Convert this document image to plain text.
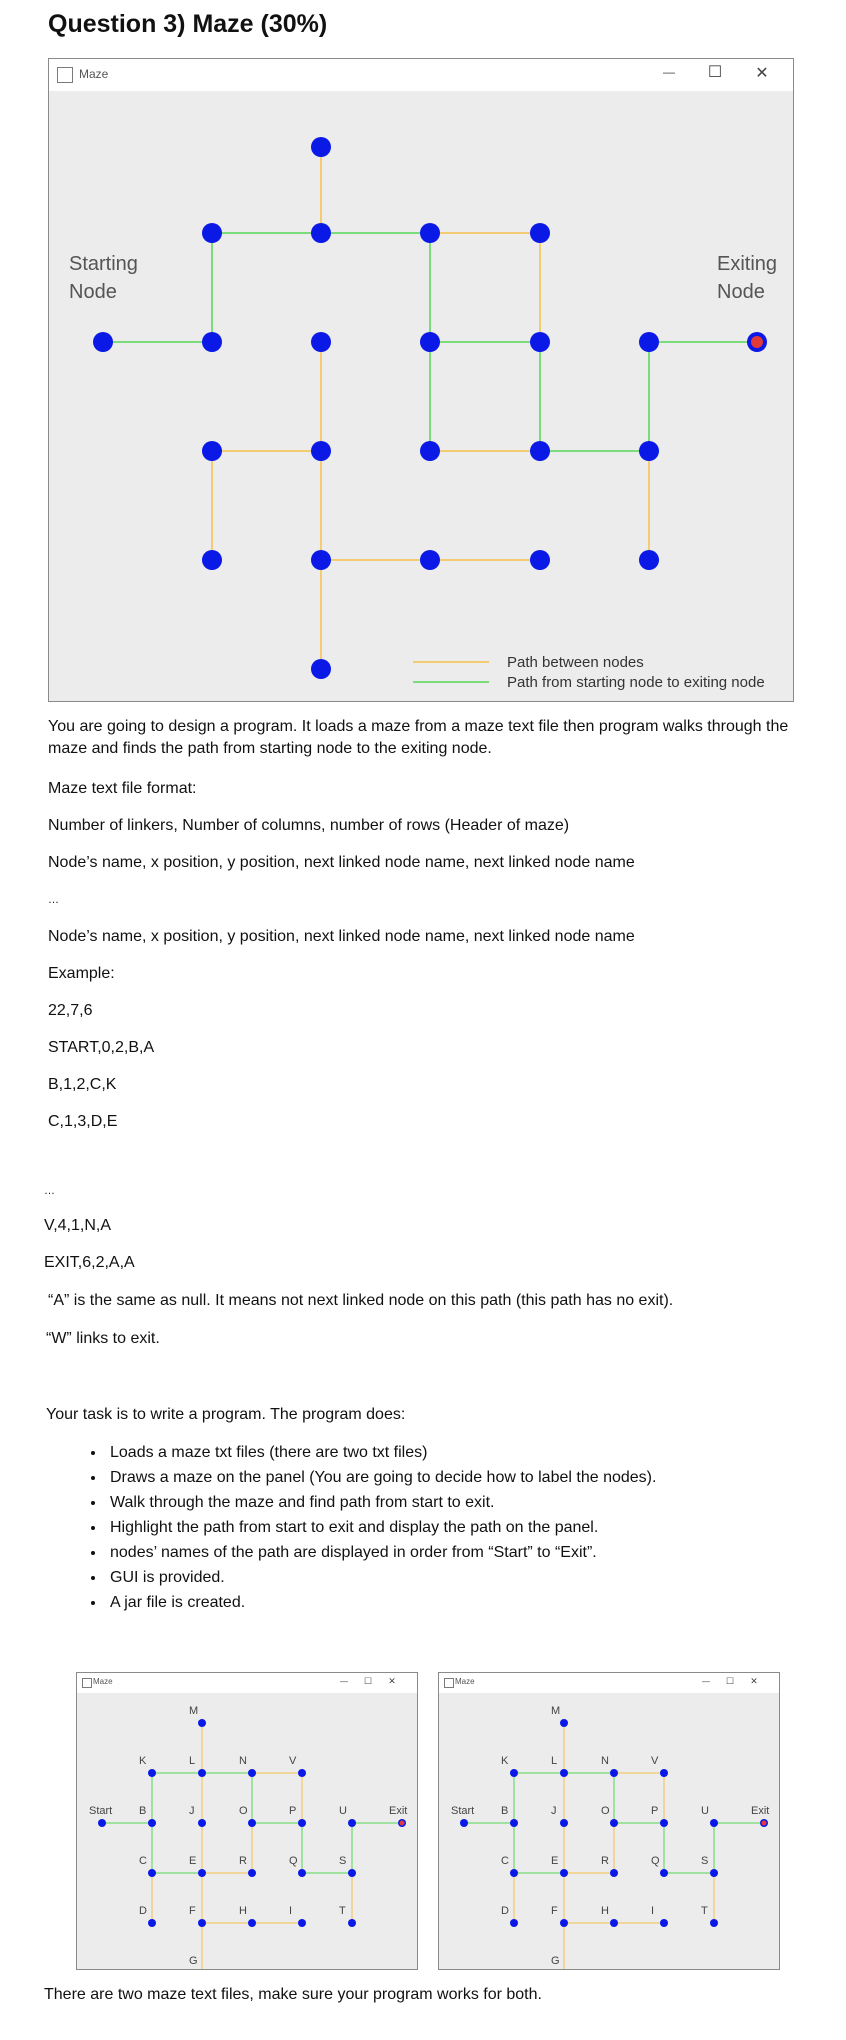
Question 3) Maze (30%)
Maze	—	☐	✕
Starting
Node
Exiting
Node
Path between nodes
Path from starting node to exiting node
You are going to design a program. It loads a maze from a maze text file then program walks through the maze and finds the path from starting node to the exiting node.
Maze text file format:
Number of linkers, Number of columns, number of rows (Header of maze)
Node’s name, x position, y position, next linked node name, next linked node name
…
Node’s name, x position, y position, next linked node name, next linked node name
Example:
22,7,6
START,0,2,B,A
B,1,2,C,K
C,1,3,D,E
…
V,4,1,N,A
EXIT,6,2,A,A
“A” is the same as null. It means not next linked node on this path (this path has no exit).
“W” links to exit.
Your task is to write a program. The program does:
• Loads a maze txt files (there are two txt files)
• Draws a maze on the panel (You are going to decide how to label the nodes).
• Walk through the maze and find path from start to exit.
• Highlight the path from start to exit and display the path on the panel.
• nodes’ names of the path are displayed in order from “Start” to “Exit”.
• GUI is provided.
• A jar file is created.
Maze	—	☐	✕
M
K	L	N	V
Start B	J	O	P	U	Exit
C	E	R	Q	S
D	F	H	I	T
G
Maze	—	☐	✕
M
K	L	N	V
Start B	J	O	P	U	Exit
C	E	R	Q	S
D	F	H	I	T
G
There are two maze text files, make sure your program works for both.
